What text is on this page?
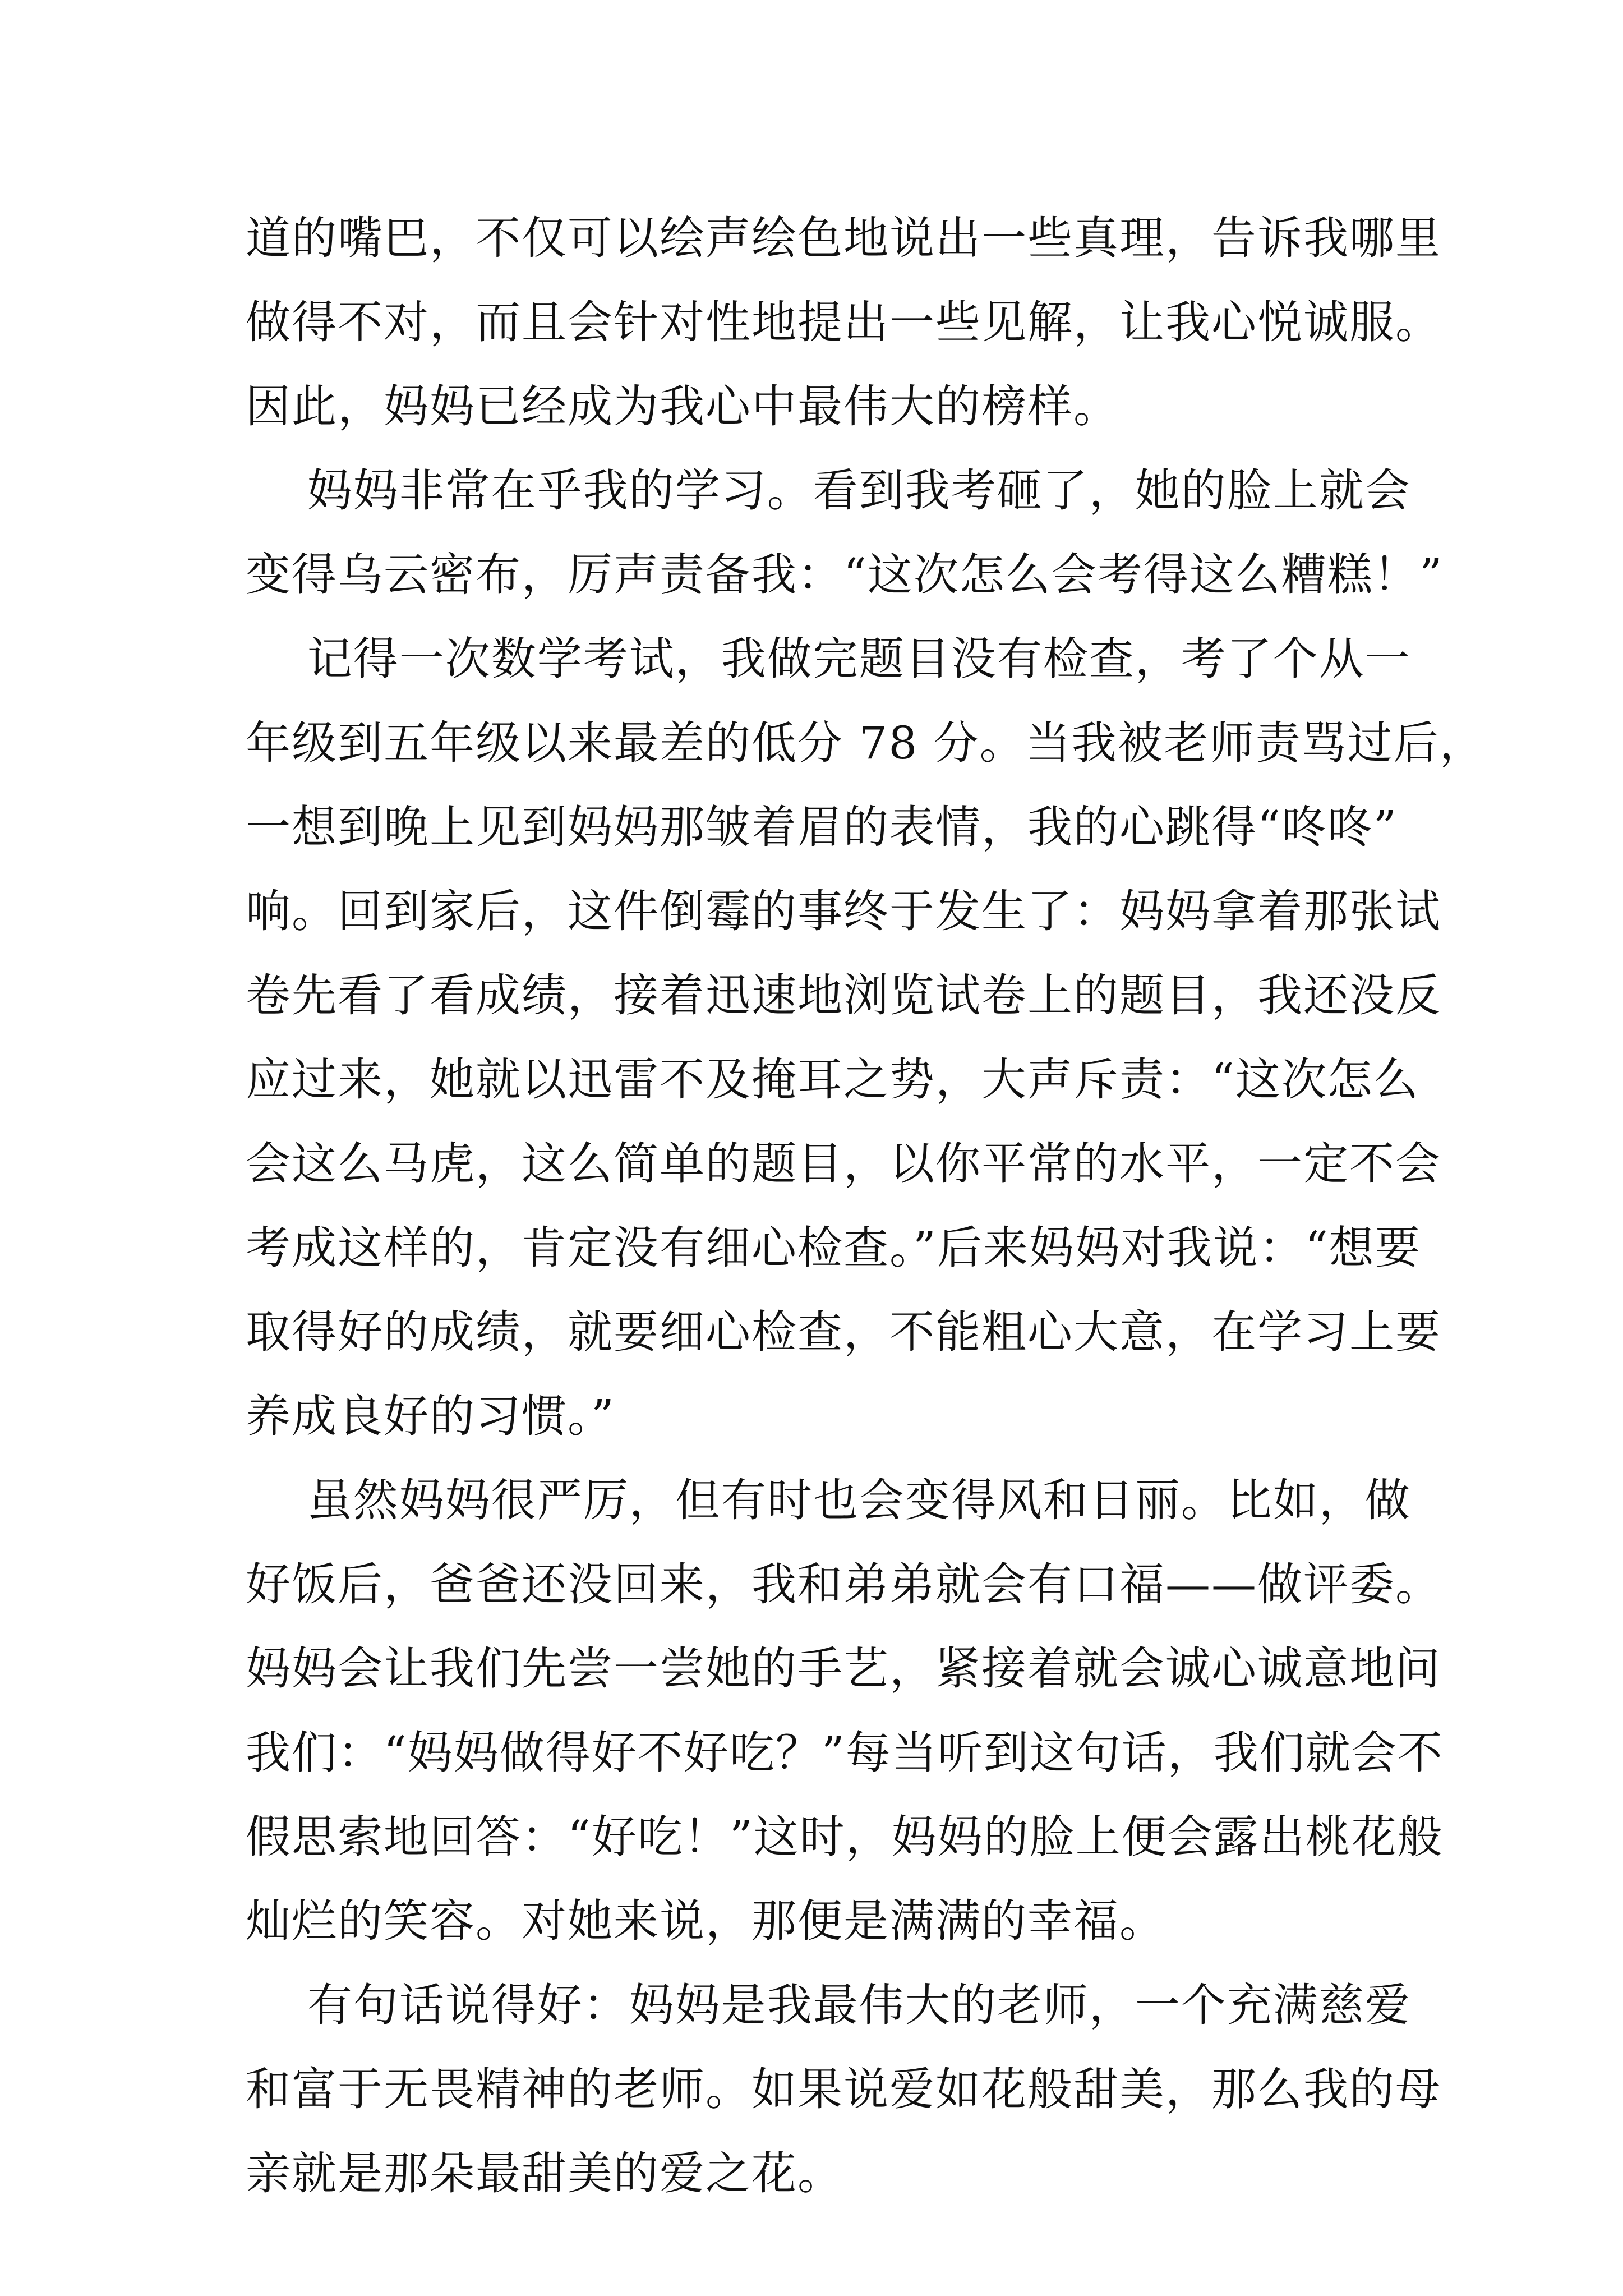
道的嘴巴，不仅可以绘声绘色地说出一些真理，告诉我哪里
做得不对，而且会针对性地提出一些见解，让我心悦诚服。
因此，妈妈已经成为我心中最伟大的榜样。
妈妈非常在乎我的学习。看到我考砸了，她的脸上就会
变得乌云密布，厉声责备我：“这次怎么会考得这么糟糕！”
记得一次数学考试，我做完题目没有检查，考了个从一
年级到五年级以来最差的低分 78 分。当我被老师责骂过后，
一想到晚上见到妈妈那皱着眉的表情，我的心跳得“咚咚”
响。回到家后，这件倒霉的事终于发生了：妈妈拿着那张试
卷先看了看成绩，接着迅速地浏览试卷上的题目，我还没反
应过来，她就以迅雷不及掩耳之势，大声斥责：“这次怎么
会这么马虎，这么简单的题目，以你平常的水平，一定不会
考成这样的，肯定没有细心检查。”后来妈妈对我说：“想要
取得好的成绩，就要细心检查，不能粗心大意，在学习上要
养成良好的习惯。”
虽然妈妈很严厉，但有时也会变得风和日丽。比如，做
好饭后，爸爸还没回来，我和弟弟就会有口福——做评委。
妈妈会让我们先尝一尝她的手艺，紧接着就会诚心诚意地问
我们：“妈妈做得好不好吃？”每当听到这句话，我们就会不
假思索地回答：“好吃！”这时，妈妈的脸上便会露出桃花般
灿烂的笑容。对她来说，那便是满满的幸福。
有句话说得好：妈妈是我最伟大的老师，一个充满慈爱
和富于无畏精神的老师。如果说爱如花般甜美，那么我的母
亲就是那朵最甜美的爱之花。
